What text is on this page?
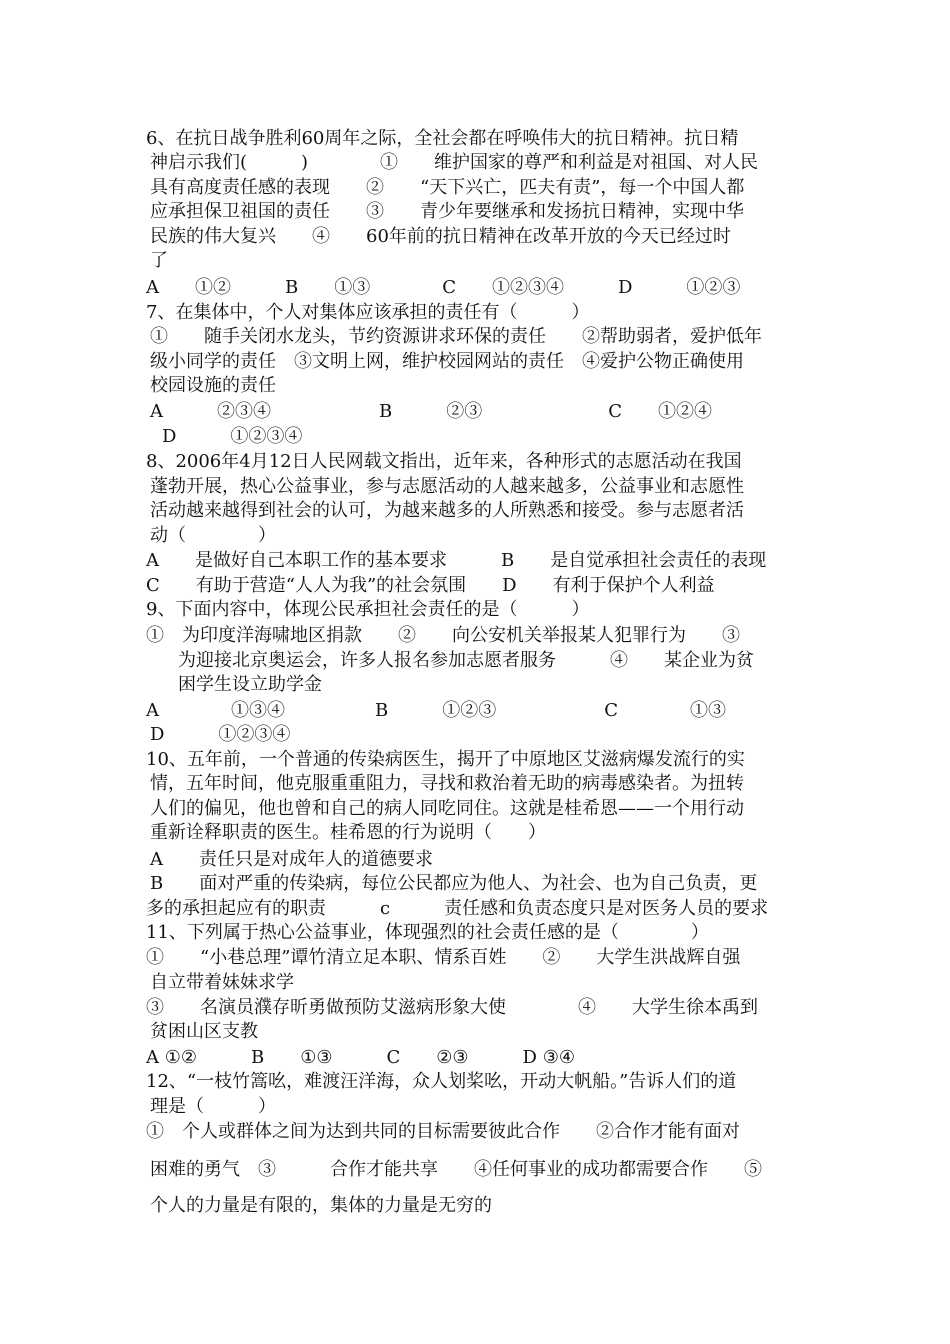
6、在抗日战争胜利60周年之际，全社会都在呼唤伟大的抗日精神。抗日精
神启示我们(　　　)　　　　①　　维护国家的尊严和利益是对祖国、对人民
具有高度责任感的表现　　②　　“天下兴亡，匹夫有责”，每一个中国人都
应承担保卫祖国的责任　　③　　青少年要继承和发扬抗日精神，实现中华
民族的伟大复兴　　④　　60年前的抗日精神在改革开放的今天已经过时
了
A　　①②　　　B　　①③　　　　C　　①②③④　　　D　　　①②③
7、在集体中，个人对集体应该承担的责任有（　　　）
①　　随手关闭水龙头，节约资源讲求环保的责任　　②帮助弱者，爱护低年
级小同学的责任　③文明上网，维护校园网站的责任　④爱护公物正确使用
校园设施的责任
A　　　②③④　　　　　　B　　　②③　　　　　　　C　　①②④
D　　　①②③④
8、2006年4月12日人民网载文指出，近年来，各种形式的志愿活动在我国
蓬勃开展，热心公益事业，参与志愿活动的人越来越多，公益事业和志愿性
活动越来越得到社会的认可，为越来越多的人所熟悉和接受。参与志愿者活
动（　　　　）
A　　是做好自己本职工作的基本要求　　　B　　是自觉承担社会责任的表现
C　　有助于营造“人人为我”的社会氛围　　D　　有利于保护个人利益
9、下面内容中，体现公民承担社会责任的是（　　　）
①　为印度洋海啸地区捐款　　②　　向公安机关举报某人犯罪行为　　③
为迎接北京奥运会，许多人报名参加志愿者服务　　　④　　某企业为贫
困学生设立助学金
A　　　　①③④　　　　　B　　　①②③　　　　　　C　　　　①③
D　　　①②③④
10、五年前，一个普通的传染病医生，揭开了中原地区艾滋病爆发流行的实
情，五年时间，他克服重重阻力，寻找和救治着无助的病毒感染者。为扭转
人们的偏见，他也曾和自己的病人同吃同住。这就是桂希恩——一个用行动
重新诠释职责的医生。桂希恩的行为说明（　　）
A　　责任只是对成年人的道德要求
B　　面对严重的传染病，每位公民都应为他人、为社会、也为自己负责，更
多的承担起应有的职责　　　c　　　责任感和负责态度只是对医务人员的要求
11、下列属于热心公益事业，体现强烈的社会责任感的是（　　　　）
①　　“小巷总理”谭竹清立足本职、情系百姓　　②　　大学生洪战辉自强
自立带着妹妹求学
③　　名演员濮存昕勇做预防艾滋病形象大使　　　　④　　大学生徐本禹到
贫困山区支教
A ①②　　　B　　①③　　　C　　②③　　　D ③④
12、“一枝竹篙吆，难渡汪洋海，众人划桨吆，开动大帆船。”告诉人们的道
理是（　　　）
①　个人或群体之间为达到共同的目标需要彼此合作　　②合作才能有面对
困难的勇气　③　　　合作才能共享　　④任何事业的成功都需要合作　　⑤
个人的力量是有限的，集体的力量是无穷的
